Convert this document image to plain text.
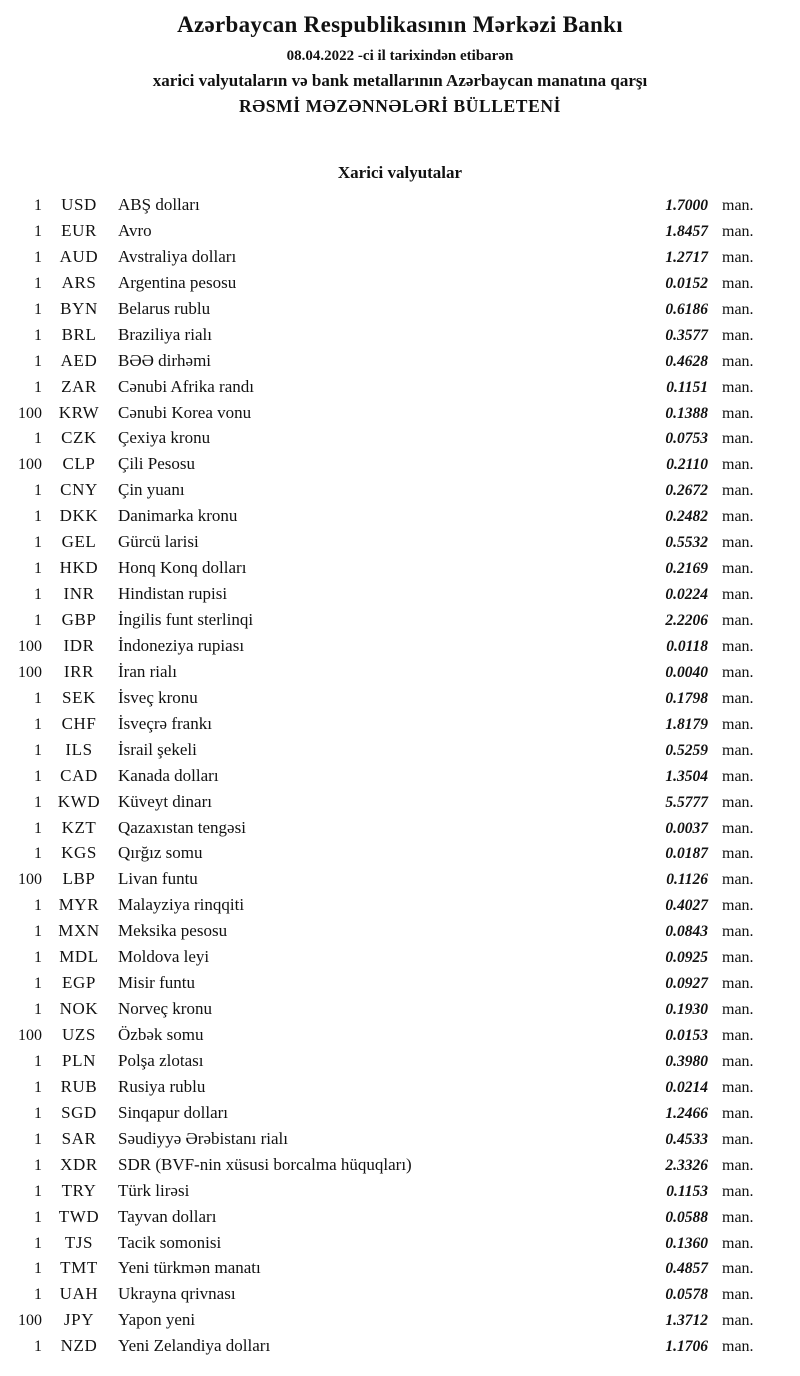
Azərbaycan Respublikasının Mərkəzi Bankı
08.04.2022 -ci il tarixindən etibarən
xarici valyutaların və bank metallarının Azərbaycan manatına qarşı
RƏSMİ MƏZƏNNƏLƏRİ BÜLLETENİ
Xarici valyutalar
1	USD	ABŞ dolları	1.7000 man.
1	EUR	Avro	1.8457 man.
1	AUD	Avstraliya dolları	1.2717 man.
1	ARS	Argentina pesosu	0.0152 man.
1	BYN	Belarus rublu	0.6186 man.
1	BRL	Braziliya rialı	0.3577 man.
1	AED	BƏƏ dirhəmi	0.4628 man.
1	ZAR	Cənubi Afrika randı	0.1151 man.
100 KRW	Cənubi Korea vonu	0.1388 man.
1	CZK	Çexiya kronu	0.0753 man.
100	CLP	Çili Pesosu	0.2110 man.
1	CNY	Çin yuanı	0.2672 man.
1	DKK	Danimarka kronu	0.2482 man.
1	GEL	Gürcü larisi	0.5532 man.
1	HKD	Honq Konq dolları	0.2169 man.
1	INR	Hindistan rupisi	0.0224 man.
1	GBP	İngilis funt sterlinqi	2.2206 man.
100	IDR	İndoneziya rupiası	0.0118 man.
100	IRR	İran rialı	0.0040 man.
1	SEK	İsveç kronu	0.1798 man.
1	CHF	İsveçrə frankı	1.8179 man.
1	ILS	İsrail şekeli	0.5259 man.
1	CAD	Kanada dolları	1.3504 man.
1 KWD	Küveyt dinarı	5.5777 man.
1	KZT	Qazaxıstan tengəsi	0.0037 man.
1	KGS	Qırğız somu	0.0187 man.
100	LBP	Livan funtu	0.1126 man.
1 MYR	Malayziya rinqqiti	0.4027 man.
1 MXN	Meksika pesosu	0.0843 man.
1	MDL	Moldova leyi	0.0925 man.
1	EGP	Misir funtu	0.0927 man.
1	NOK	Norveç kronu	0.1930 man.
100	UZS	Özbək somu	0.0153 man.
1	PLN	Polşa zlotası	0.3980 man.
1	RUB	Rusiya rublu	0.0214 man.
1	SGD	Sinqapur dolları	1.2466 man.
1	SAR	Səudiyyə Ərəbistanı rialı	0.4533 man.
1	XDR	SDR (BVF-nin xüsusi borcalma hüquqları)	2.3326 man.
1	TRY	Türk lirəsi	0.1153 man.
1 TWD	Tayvan dolları	0.0588 man.
1	TJS	Tacik somonisi	0.1360 man.
1	TMT	Yeni türkmən manatı	0.4857 man.
1	UAH	Ukrayna qrivnası	0.0578 man.
100	JPY	Yapon yeni	1.3712 man.
1	NZD	Yeni Zelandiya dolları	1.1706 man.
